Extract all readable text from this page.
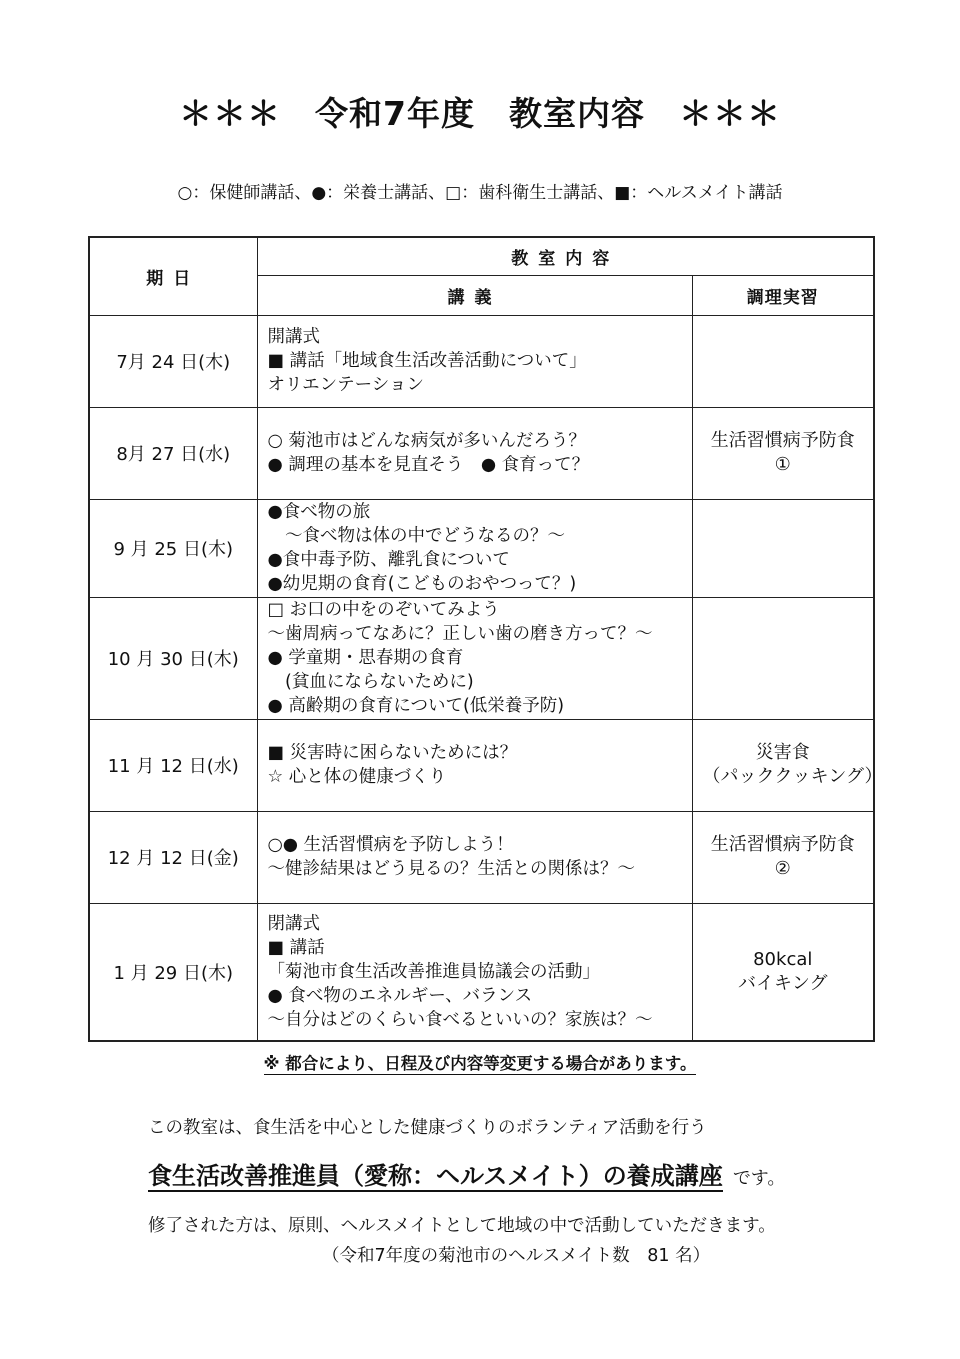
＊＊＊　令和7年度　教室内容　＊＊＊
○：保健師講話、●：栄養士講話、□：歯科衛生士講話、■：ヘルスメイト講話
期日	教室内容	
	講義	調理実習
7月 24 日(木)	開講式
■ 講話「地域食生活改善活動について」
オリエンテーション	

8月 27 日(水)	○ 菊池市はどんな病気が多いんだろう？
● 調理の基本を見直そう　● 食育って？	生活習慣病予防食
①

9 月 25 日(木)	●食べ物の旅
　～食べ物は体の中でどうなるの？～
●食中毒予防、離乳食について
●幼児期の食育(こどものおやつって？)	

10 月 30 日(木)	□ お口の中をのぞいてみよう
～歯周病ってなあに？正しい歯の磨き方って？～
● 学童期・思春期の食育
　(貧血にならないために)
● 高齢期の食育について(低栄養予防)	

11 月 12 日(水)	■ 災害時に困らないためには？
☆ 心と体の健康づくり	災害食
（パッククッキング）

12 月 12 日(金)	○● 生活習慣病を予防しよう！
～健診結果はどう見るの？生活との関係は？～	生活習慣病予防食
②

1 月 29 日(木)	閉講式
■ 講話
「菊池市食生活改善推進員協議会の活動」
● 食べ物のエネルギー、バランス
～自分はどのくらい食べるといいの？家族は？～	80kcal
バイキング
※ 都合により、日程及び内容等変更する場合があります。
この教室は、食生活を中心とした健康づくりのボランティア活動を行う
食生活改善推進員（愛称：ヘルスメイト）の養成講座 です。
修了された方は、原則、ヘルスメイトとして地域の中で活動していただきます。
（令和7年度の菊池市のヘルスメイト数　81 名）
